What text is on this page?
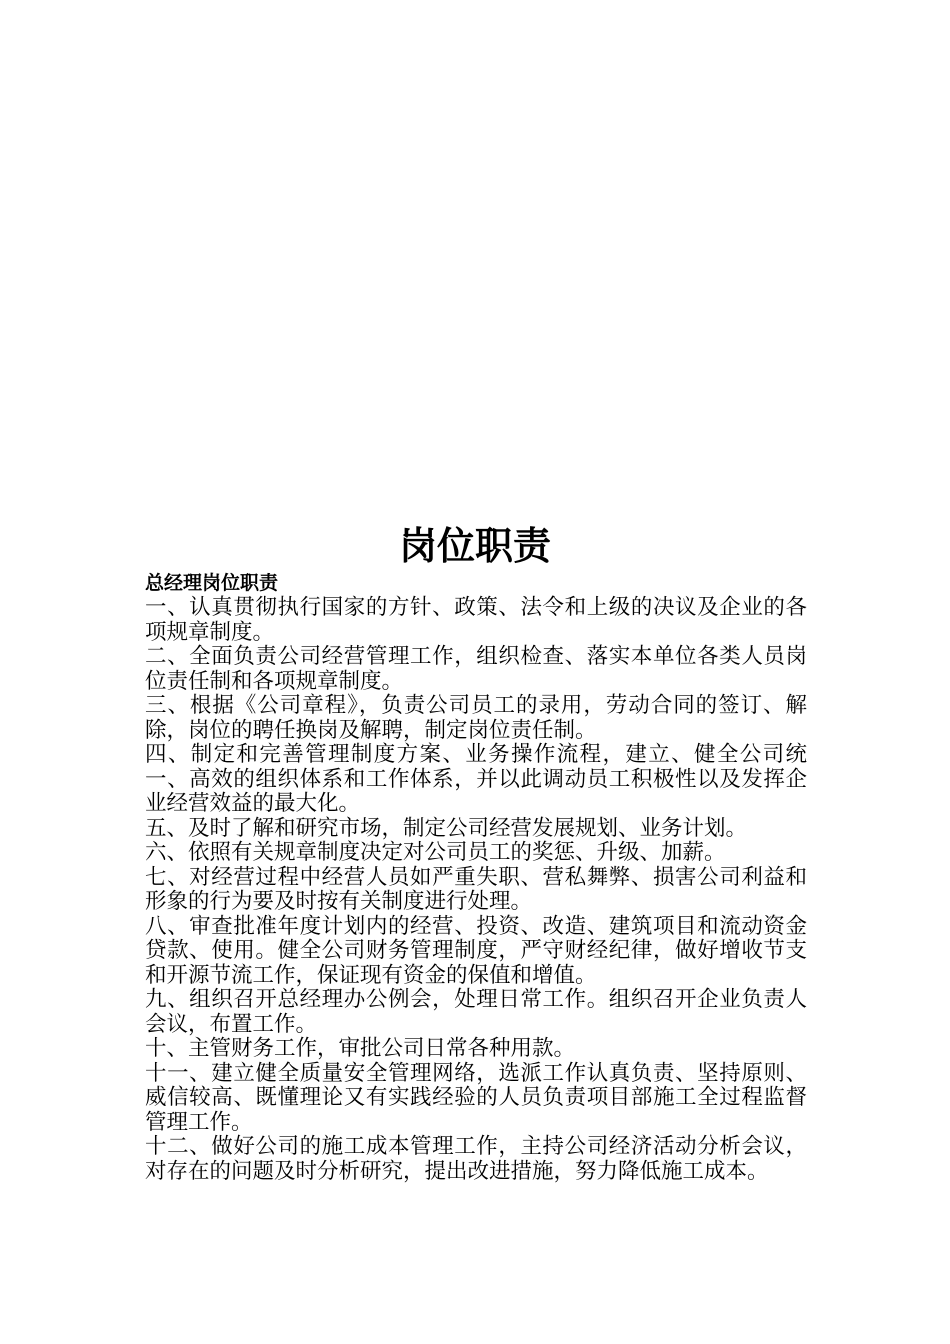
岗位职责

总经理岗位职责

一、认真贯彻执行国家的方针、政策、法令和上级的决议及企业的各项规章制度。

二、全面负责公司经营管理工作，组织检查、落实本单位各类人员岗位责任制和各项规章制度。

三、根据《公司章程》，负责公司员工的录用，劳动合同的签订、解除，岗位的聘任换岗及解聘，制定岗位责任制。

四、制定和完善管理制度方案、业务操作流程，建立、健全公司统一、高效的组织体系和工作体系，并以此调动员工积极性以及发挥企业经营效益的最大化。

五、及时了解和研究市场，制定公司经营发展规划、业务计划。

六、依照有关规章制度决定对公司员工的奖惩、升级、加薪。

七、对经营过程中经营人员如严重失职、营私舞弊、损害公司利益和形象的行为要及时按有关制度进行处理。

八、审查批准年度计划内的经营、投资、改造、建筑项目和流动资金贷款、使用。健全公司财务管理制度，严守财经纪律，做好增收节支和开源节流工作，保证现有资金的保值和增值。

九、组织召开总经理办公例会，处理日常工作。组织召开企业负责人会议，布置工作。

十、主管财务工作，审批公司日常各种用款。

十一、建立健全质量安全管理网络，选派工作认真负责、坚持原则、威信较高、既懂理论又有实践经验的人员负责项目部施工全过程监督管理工作。

十二、做好公司的施工成本管理工作，主持公司经济活动分析会议，对存在的问题及时分析研究，提出改进措施，努力降低施工成本。
